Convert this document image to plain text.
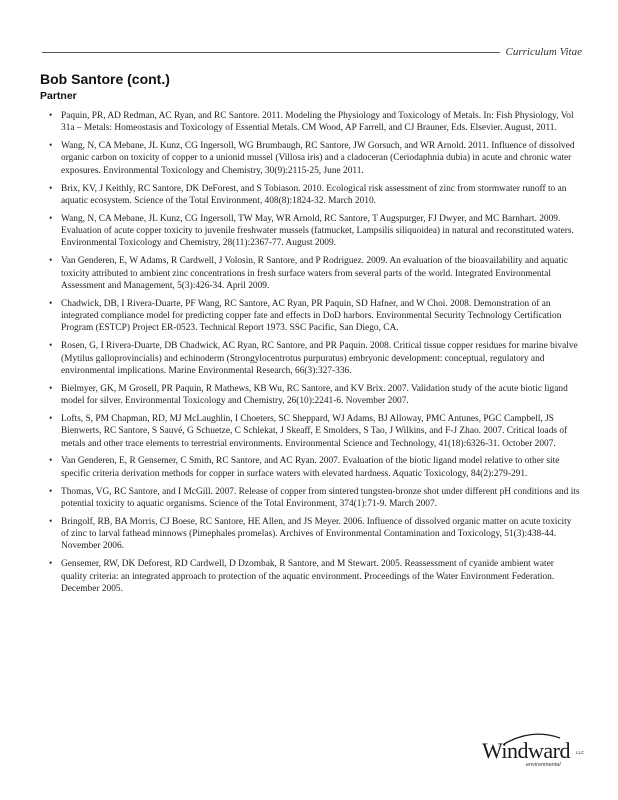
Curriculum Vitae
Bob Santore (cont.)
Partner
• Paquin, PR, AD Redman, AC Ryan, and RC Santore. 2011. Modeling the Physiology and Toxicology of Metals. In: Fish Physiology, Vol 31a – Metals: Homeostasis and Toxicology of Essential Metals. CM Wood, AP Farrell, and CJ Brauner, Eds. Elsevier. August, 2011.
• Wang, N, CA Mebane, JL Kunz, CG Ingersoll, WG Brumbaugh, RC Santore, JW Gorsuch, and WR Arnold. 2011. Influence of dissolved organic carbon on toxicity of copper to a unionid mussel (Villosa iris) and a cladoceran (Ceriodaphnia dubia) in acute and chronic water exposures. Environmental Toxicology and Chemistry, 30(9):2115-25, June 2011.
• Brix, KV, J Keithly, RC Santore, DK DeForest, and S Tobiason. 2010. Ecological risk assessment of zinc from stormwater runoff to an aquatic ecosystem. Science of the Total Environment, 408(8):1824-32. March 2010.
• Wang, N, CA Mebane, JL Kunz, CG Ingersoll, TW May, WR Arnold, RC Santore, T Augspurger, FJ Dwyer, and MC Barnhart. 2009. Evaluation of acute copper toxicity to juvenile freshwater mussels (fatmucket, Lampsilis siliquoidea) in natural and reconstituted waters. Environmental Toxicology and Chemistry, 28(11):2367-77. August 2009.
• Van Genderen, E, W Adams, R Cardwell, J Volosin, R Santore, and P Rodriguez. 2009. An evaluation of the bioavailability and aquatic toxicity attributed to ambient zinc concentrations in fresh surface waters from several parts of the world. Integrated Environmental Assessment and Management, 5(3):426-34. April 2009.
• Chadwick, DB, I Rivera-Duarte, PF Wang, RC Santore, AC Ryan, PR Paquin, SD Hafner, and W Choi. 2008. Demonstration of an integrated compliance model for predicting copper fate and effects in DoD harbors. Environmental Security Technology Certification Program (ESTCP) Project ER-0523. Technical Report 1973. SSC Pacific, San Diego, CA.
• Rosen, G, I Rivera-Duarte, DB Chadwick, AC Ryan, RC Santore, and PR Paquin. 2008. Critical tissue copper residues for marine bivalve (Mytilus galloprovincialis) and echinoderm (Strongylocentrotus purpuratus) embryonic development: conceptual, regulatory and environmental implications. Marine Environmental Research, 66(3):327-336.
• Bielmyer, GK, M Grosell, PR Paquin, R Mathews, KB Wu, RC Santore, and KV Brix. 2007. Validation study of the acute biotic ligand model for silver. Environmental Toxicology and Chemistry, 26(10):2241-6. November 2007.
• Lofts, S, PM Chapman, RD, MJ McLaughlin, I Choeters, SC Sheppard, WJ Adams, BJ Alloway, PMC Antunes, PGC Campbell, JS Bienwerts, RC Santore, S Sauvé, G Schuetze, C Schlekat, J Skeaff, E Smolders, S Tao, J Wilkins, and F-J Zhao. 2007. Critical loads of metals and other trace elements to terrestrial environments. Environmental Science and Technology, 41(18):6326-31. October 2007.
• Van Genderen, E, R Gensemer, C Smith, RC Santore, and AC Ryan. 2007. Evaluation of the biotic ligand model relative to other site specific criteria derivation methods for copper in surface waters with elevated hardness. Aquatic Toxicology, 84(2):279-291.
• Thomas, VG, RC Santore, and I McGill. 2007. Release of copper from sintered tungsten-bronze shot under different pH conditions and its potential toxicity to aquatic organisms. Science of the Total Environment, 374(1):71-9. March 2007.
• Bringolf, RB, BA Morris, CJ Boese, RC Santore, HE Allen, and JS Meyer. 2006. Influence of dissolved organic matter on acute toxicity of zinc to larval fathead minnows (Pimephales promelas). Archives of Environmental Contamination and Toxicology, 51(3):438-44. November 2006.
• Gensemer, RW, DK Deforest, RD Cardwell, D Dzombak, R Santore, and M Stewart. 2005. Reassessment of cyanide ambient water quality criteria: an integrated approach to protection of the aquatic environment. Proceedings of the Water Environment Federation. December 2005.
Windward LLC
environmental
